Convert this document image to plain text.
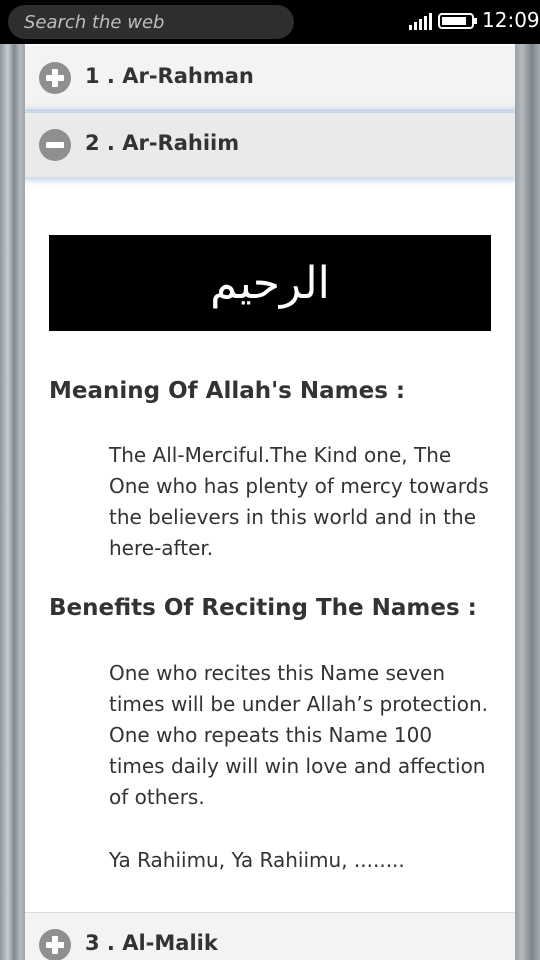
Search the web	12:09
1 . Ar-Rahman
2 . Ar-Rahiim
الرحيم
Meaning Of Allah's Names :
The All-Merciful.The Kind one, The One who has plenty of mercy towards the believers in this world and in the here-after.
Benefits Of Reciting The Names :
One who recites this Name seven times will be under Allah’s protection. One who repeats this Name 100 times daily will win love and affection of others.
Ya Rahiimu, Ya Rahiimu, ........
3 . Al-Malik
